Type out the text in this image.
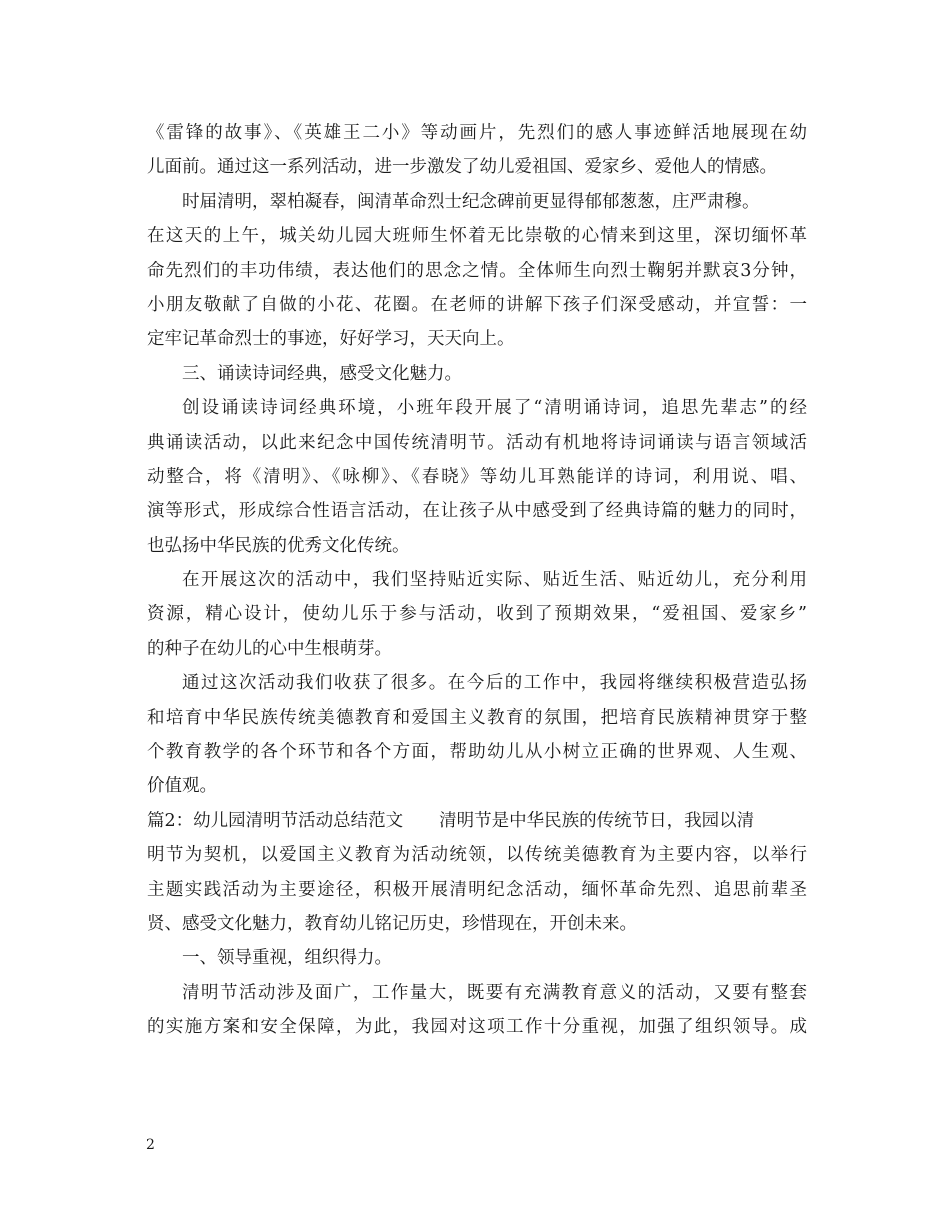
《雷锋的故事》、《英雄王二小》等动画片，先烈们的感人事迹鲜活地展现在幼
儿面前。通过这一系列活动，进一步激发了幼儿爱祖国、爱家乡、爱他人的情感。
时届清明，翠柏凝春，闽清革命烈士纪念碑前更显得郁郁葱葱，庄严肃穆。
在这天的上午，城关幼儿园大班师生怀着无比崇敬的心情来到这里，深切缅怀革
命先烈们的丰功伟绩，表达他们的思念之情。全体师生向烈士鞠躬并默哀3分钟，
小朋友敬献了自做的小花、花圈。在老师的讲解下孩子们深受感动，并宣誓：一
定牢记革命烈士的事迹，好好学习，天天向上。
三、诵读诗词经典，感受文化魅力。
创设诵读诗词经典环境，小班年段开展了“清明诵诗词，追思先辈志”的经
典诵读活动，以此来纪念中国传统清明节。活动有机地将诗词诵读与语言领域活
动整合，将《清明》、《咏柳》、《春晓》等幼儿耳熟能详的诗词，利用说、唱、
演等形式，形成综合性语言活动，在让孩子从中感受到了经典诗篇的魅力的同时，
也弘扬中华民族的优秀文化传统。
在开展这次的活动中，我们坚持贴近实际、贴近生活、贴近幼儿，充分利用
资源，精心设计，使幼儿乐于参与活动，收到了预期效果，“爱祖国、爱家乡”
的种子在幼儿的心中生根萌芽。
通过这次活动我们收获了很多。在今后的工作中，我园将继续积极营造弘扬
和培育中华民族传统美德教育和爱国主义教育的氛围，把培育民族精神贯穿于整
个教育教学的各个环节和各个方面，帮助幼儿从小树立正确的世界观、人生观、
价值观。
篇2：幼儿园清明节活动总结范文 清明节是中华民族的传统节日，我园以清
明节为契机，以爱国主义教育为活动统领，以传统美德教育为主要内容，以举行
主题实践活动为主要途径，积极开展清明纪念活动，缅怀革命先烈、追思前辈圣
贤、感受文化魅力，教育幼儿铭记历史，珍惜现在，开创未来。
一、领导重视，组织得力。
清明节活动涉及面广，工作量大，既要有充满教育意义的活动，又要有整套
的实施方案和安全保障，为此，我园对这项工作十分重视，加强了组织领导。成
2
